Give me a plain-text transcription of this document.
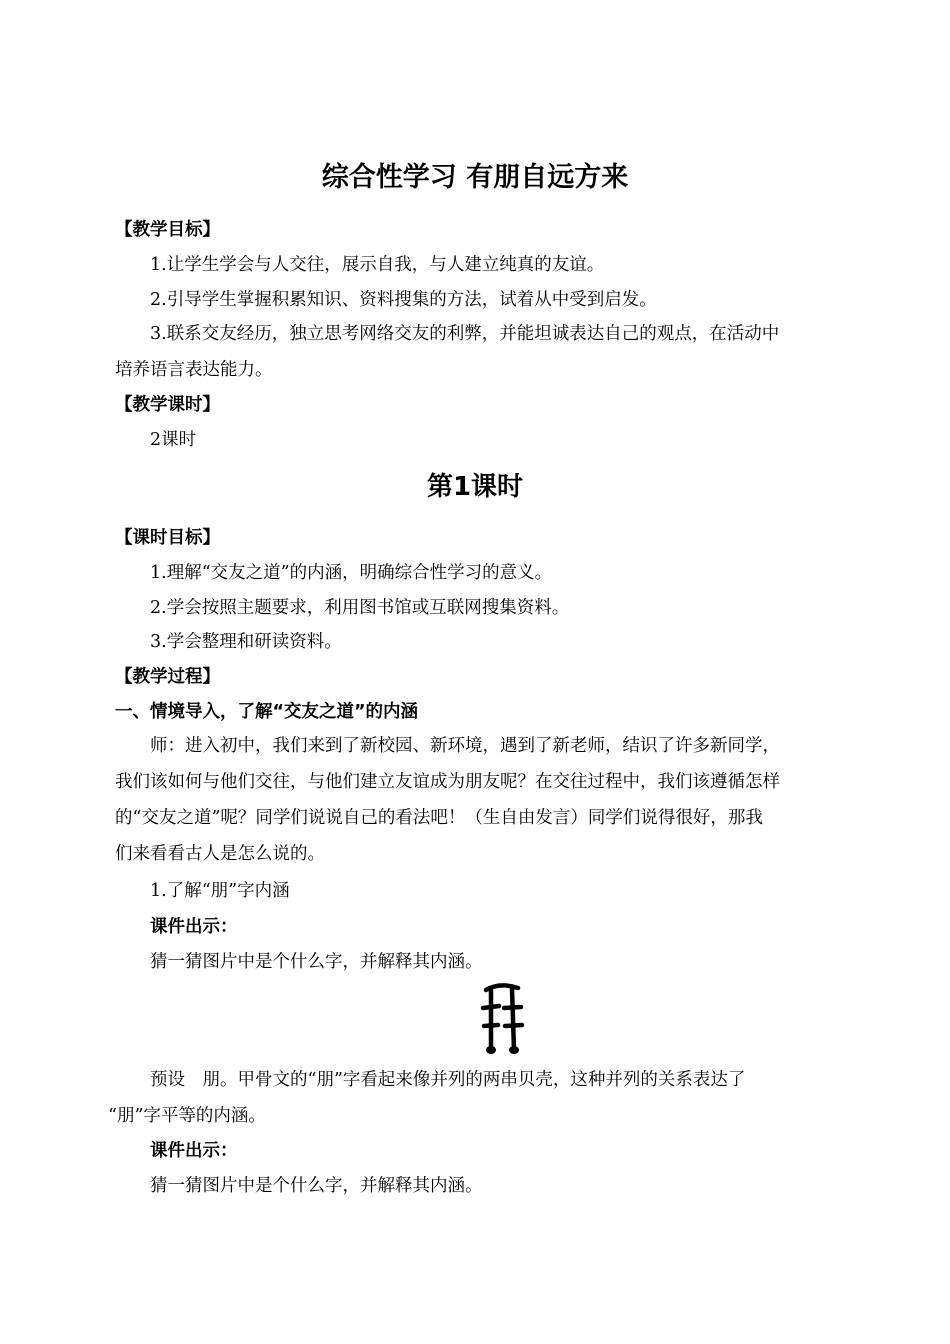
综合性学习 有朋自远方来
【教学目标】
1.让学生学会与人交往，展示自我，与人建立纯真的友谊。
2.引导学生掌握积累知识、资料搜集的方法，试着从中受到启发。
3.联系交友经历，独立思考网络交友的利弊，并能坦诚表达自己的观点，在活动中
培养语言表达能力。
【教学课时】
2课时
第1课时
【课时目标】
1.理解“交友之道”的内涵，明确综合性学习的意义。
2.学会按照主题要求，利用图书馆或互联网搜集资料。
3.学会整理和研读资料。
【教学过程】
一、情境导入，了解“交友之道”的内涵
师：进入初中，我们来到了新校园、新环境，遇到了新老师，结识了许多新同学，
我们该如何与他们交往，与他们建立友谊成为朋友呢？在交往过程中，我们该遵循怎样
的“交友之道”呢？同学们说说自己的看法吧！（生自由发言）同学们说得很好，那我
们来看看古人是怎么说的。
1.了解“朋”字内涵
课件出示：
猜一猜图片中是个什么字，并解释其内涵。
预设　朋。甲骨文的“朋”字看起来像并列的两串贝壳，这种并列的关系表达了
“朋”字平等的内涵。
课件出示：
猜一猜图片中是个什么字，并解释其内涵。
